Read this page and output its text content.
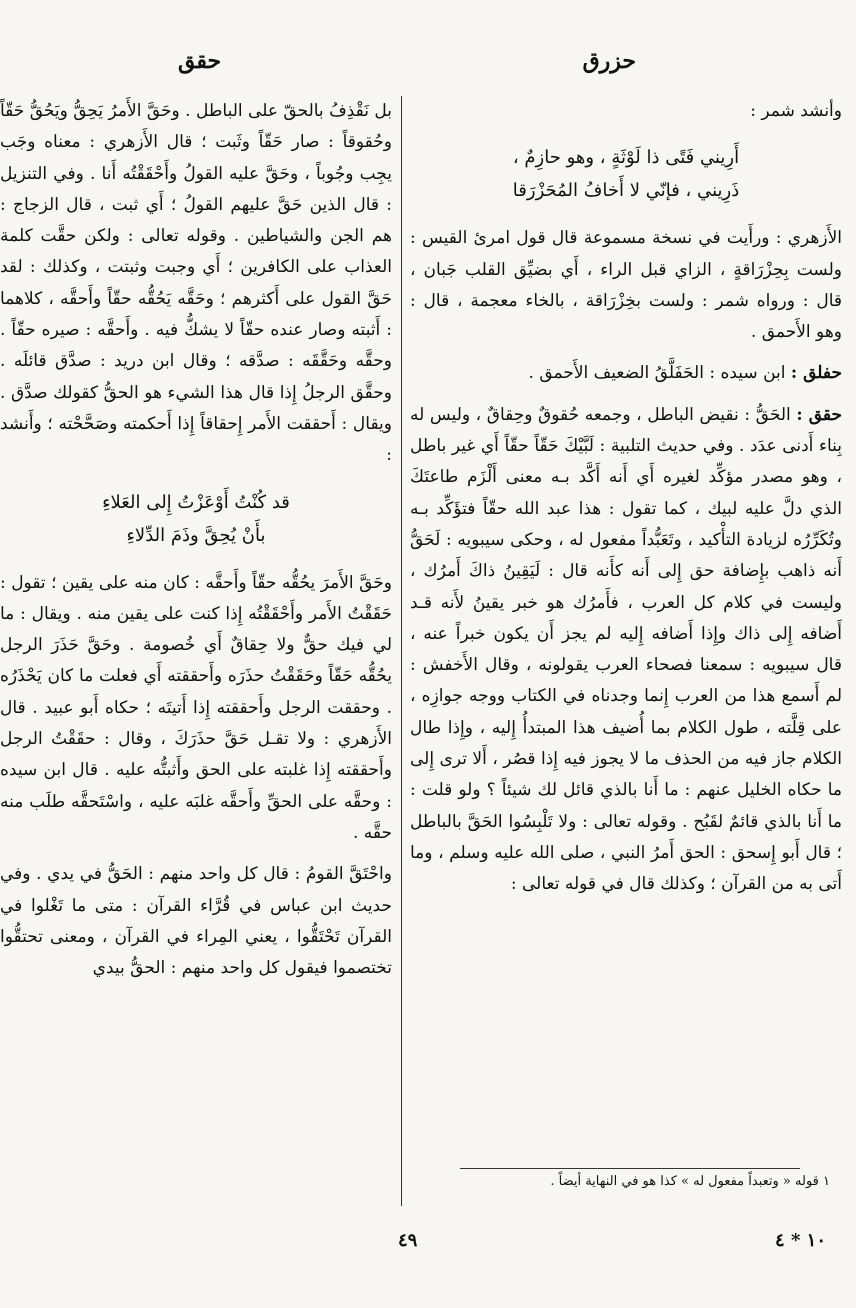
حزرق
حقق

وأنشد شمر :

أَرِيني فَتًى ذا لَوْثَةٍ ، وهو حازِمٌ ،
ذَرِيني ، فإنّي لا أَخافُ المُحَزْرَقا

الأَزهري : ورأَيت في نسخة مسموعة قال قول امرئ القيس : ولست بِحِزْرَاقةٍ ، الزاي قبل الراء ، أَي بضيِّق القلب جَبان ، قال : ورواه شمر : ولست بخِزْرَاقة ، بالخاء معجمة ، قال : وهو الأَحمق .

حفلق : ابن سيده : الحَفَلَّقُ الضعيف الأَحمق .

حقق : الحَقُّ : نقيض الباطل ، وجمعه حُقوقٌ وحِقاقٌ ، وليس له بِناء أَدنى عدَد . وفي حديث التلبية : لَبَّيْكَ حَقّاً حقّاً أَي غير باطل ، وهو مصدر مؤكِّد لغيره أَي أَنه أَكَّد بـه معنى أَلْزَم طاعتَكَ الذي دلَّ عليه لبيك ، كما تقول : هذا عبد الله حقّاً فتؤَكِّد بـه وتُكَرِّرُه لزيادة التأْكيد ، وتَعَبُّداً مفعول له ، وحكى سيبويه : لَحَقُّ أَنه ذاهب بإِضافة حق إِلى أَنه كأَنه قال : لَيَقِينُ ذاكَ أَمرُك ، وليست في كلام كل العرب ، فأَمرُك هو خبر يقينُ لأَنه قـد أَضافه إِلى ذاك وإِذا أَضافه إِليه لم يجز أَن يكون خبراً عنه ، قال سيبويه : سمعنا فصحاء العرب يقولونه ، وقال الأَخفش : لم أَسمع هذا من العرب إِنما وجدناه في الكتاب ووجه جوازِه ، على قِلَّته ، طول الكلام بما أُضيف هذا المبتدأُ إِليه ، وإِذا طال الكلام جاز فيه من الحذف ما لا يجوز فيه إِذا قصُر ، أَلا ترى إِلى ما حكاه الخليل عنهم : ما أَنا بالذي قائل لك شيئاً ؟ ولو قلت : ما أَنا بالذي قائمٌ لقَبُح . وقوله تعالى : ولا تَلْبِسُوا الحَقَّ بالباطل ؛ قال أَبو إِسحق : الحق أَمرُ النبي ، صلى الله عليه وسلم ، وما أَتى به من القرآن ؛ وكذلك قال في قوله تعالى :

بل نَقْذِفُ بالحقّ على الباطل . وحَقَّ الأَمرُ يَحِقُّ ويَحُقُّ حَقّاً وحُقوقاً : صار حَقّاً وثَبت ؛ قال الأَزهري : معناه وجَب يجِب وجُوباً ، وحَقَّ عليه القولُ وأَحْقَقْتُه أَنا . وفي التنزيل : قال الذين حَقَّ عليهم القولُ ؛ أَي ثبت ، قال الزجاج : هم الجن والشياطين . وقوله تعالى : ولكن حقَّت كلمة العذاب على الكافرين ؛ أَي وجبت وثبتت ، وكذلك : لقد حَقَّ القول على أَكثرهم ؛ وحَقَّه يَحُقُّه حقّاً وأَحقَّه ، كلاهما : أَثبته وصار عنده حقّاً لا يشكُّ فيه . وأَحقَّه : صيره حقّاً . وحقَّه وحَقَّقَه : صدَّقه ؛ وقال ابن دريد : صدَّق قائلَه . وحقَّق الرجلُ إِذا قال هذا الشيء هو الحقُّ كقولك صدَّق . ويقال : أَحققت الأَمر إِحقاقاً إِذا أَحكمته وصَحَّحْته ؛ وأَنشد :

قد كُنْتُ أَوْعَزْتُ إِلى العَلاءِ
بأَنْ يُحِقَّ وذَمَ الدِّلاءِ

وحَقَّ الأَمرَ يحُقُّه حقّاً وأَحقَّه : كان منه على يقين ؛ تقول : حَقَقْتُ الأَمر وأَحْقَقْتُه إِذا كنت على يقين منه . ويقال : ما لي فيك حقٌّ ولا حِقاقٌ أَي خُصومة . وحَقَّ حَذَرَ الرجل يحُقُّه حَقّاً وحَقَقْتُ حذَرَه وأَحققته أَي فعلت ما كان يَحْذَرُه . وحققت الرجل وأَحققته إِذا أَتيتَه ؛ حكاه أَبو عبيد . قال الأَزهري : ولا تقـل حَقَّ حذَرَكَ ، وقال : حقَقْتُ الرجل وأَحققته إِذا غلبته على الحق وأَثبتُّه عليه . قال ابن سيده : وحقَّه على الحقِّ وأَحقَّه غلبَه عليه ، واسْتَحقَّه طلَب منه حقَّه .

واحْتَقَّ القومُ : قال كل واحد منهم : الحَقُّ في يدي . وفي حديث ابن عباس في قُرَّاء القرآن : متى ما تَغْلوا في القرآن تَحْتَقُّوا ، يعني المِراء في القرآن ، ومعنى تحتقُّوا تختصموا فيقول كل واحد منهم : الحقُّ بيدي

١ قوله « وتعبداً مفعول له » كذا هو في النهاية أيضاً .
٤٩	١٠ * ٤
